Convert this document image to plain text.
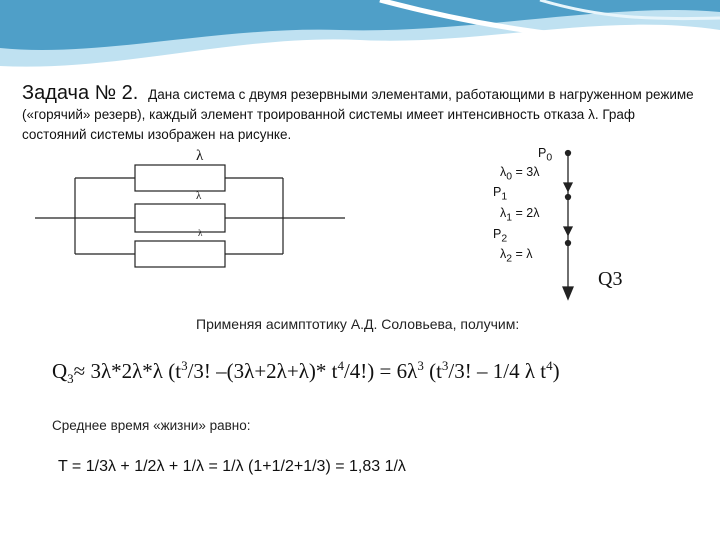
Задача № 2. Дана система с двумя резервными элементами, работающими в нагруженном режиме («горячий» резерв), каждый элемент троированной системы имеет интенсивность отказа λ. Граф состояний системы изображен на рисунке.
λ
λ
λ
$P_0$
$\lambda_0 = 3\lambda$
$P_1$
$\lambda_1 = 2\lambda$
$P_2$
$\lambda_2 = \lambda$
Q3
Применяя асимптотику А.Д. Соловьева, получим:
$Q_3\approx 3\lambda*2\lambda*\lambda$ ($t^3/3$! –(3λ+2λ+λ)* $t^4/4!) = 6\lambda^3$ ($t^3/3$! – 1/4 λ $t^4$)
Среднее время «жизни» равно:
T = 1/3λ + 1/2λ + 1/λ = 1/λ (1+1/2+1/3) = 1,83 1/λ
